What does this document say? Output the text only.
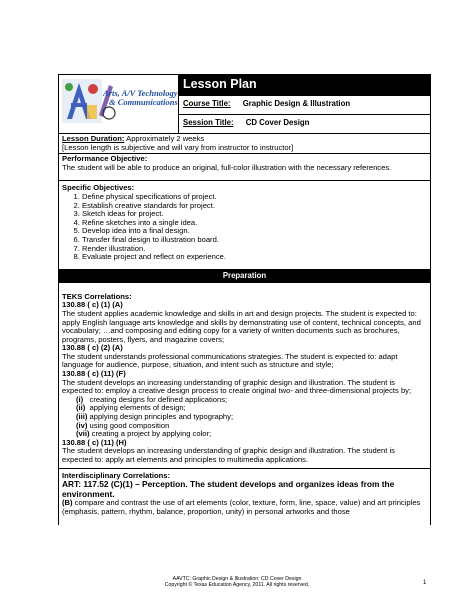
Arts, A/V Technology
& Communications
	Lesson Plan
Course Title: Graphic Design & Illustration
Session Title: CD Cover Design
Lesson Duration: Approximately 2 weeks
[Lesson length is subjective and will vary from instructor to instructor]
Performance Objective:
The student will be able to produce an original, full-color illustration with the necessary references.
Specific Objectives:
1. Define physical specifications of project.
2. Establish creative standards for project.
3. Sketch ideas for project.
4. Refine sketches into a single idea.
5. Develop idea into a final design.
6. Transfer final design to illustration board.
7. Render illustration.
8. Evaluate project and reflect on experience.

Preparation
TEKS Correlations:
130.88 ( c) (1) (A)
The student applies academic knowledge and skills in art and design projects. The student is expected to: apply English language arts knowledge and skills by demonstrating use of content, technical concepts, and vocabulary; …and composing and editing copy for a variety of written documents such as brochures, programs, posters, flyers, and magazine covers;
130.88 ( c) (2) (A)
The student understands professional communications strategies. The student is expected to: adapt language for audience, purpose, situation, and intent such as structure and style;
130.88 ( c) (11) (F)
The student develops an increasing understanding of graphic design and illustration. The student is expected to: employ a creative design process to create original two- and three-dimensional projects by;

(i) creating designs for defined applications;
(ii) applying elements of design;
(iii) applying design principles and typography;
(iv) using good composition
(vii) creating a project by applying color;
130.88 ( c) (11) (H)
The student develops an increasing understanding of graphic design and illustration. The student is expected to: apply art elements and principles to multimedia applications.
Interdisciplinary Correlations:
ART: 117.52 (C)(1) – Perception. The student develops and organizes ideas from the environment.
(B) compare and contrast the use of art elements (color, texture, form, line, space, value) and art principles (emphasis, pattern, rhythm, balance, proportion, unity) in personal artworks and those
AAVTC: Graphic Design & Illustration: CD Cover Design
Copyright © Texas Education Agency, 2011. All rights reserved.	1
